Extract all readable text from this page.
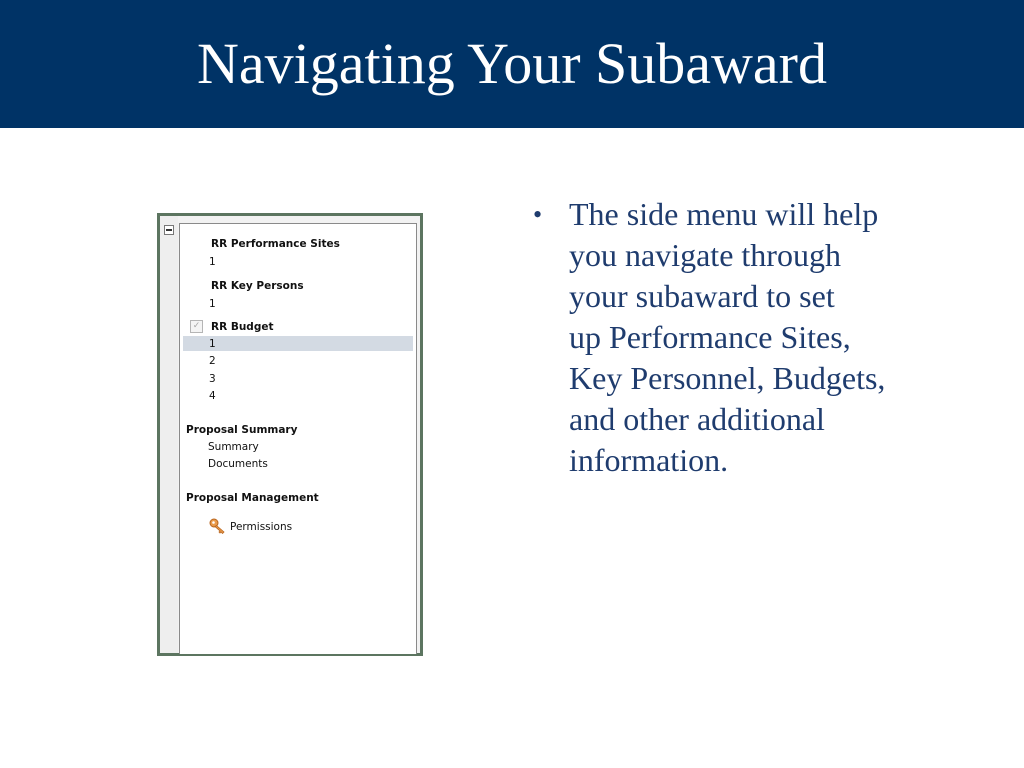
Navigating Your Subaward
RR Performance Sites
1
RR Key Persons
1
✓ RR Budget
1
2
3
4
Proposal Summary
Summary
Documents
Proposal Management
Permissions
• The side menu will help
you navigate through
your subaward to set
up Performance Sites,
Key Personnel, Budgets,
and other additional
information.
